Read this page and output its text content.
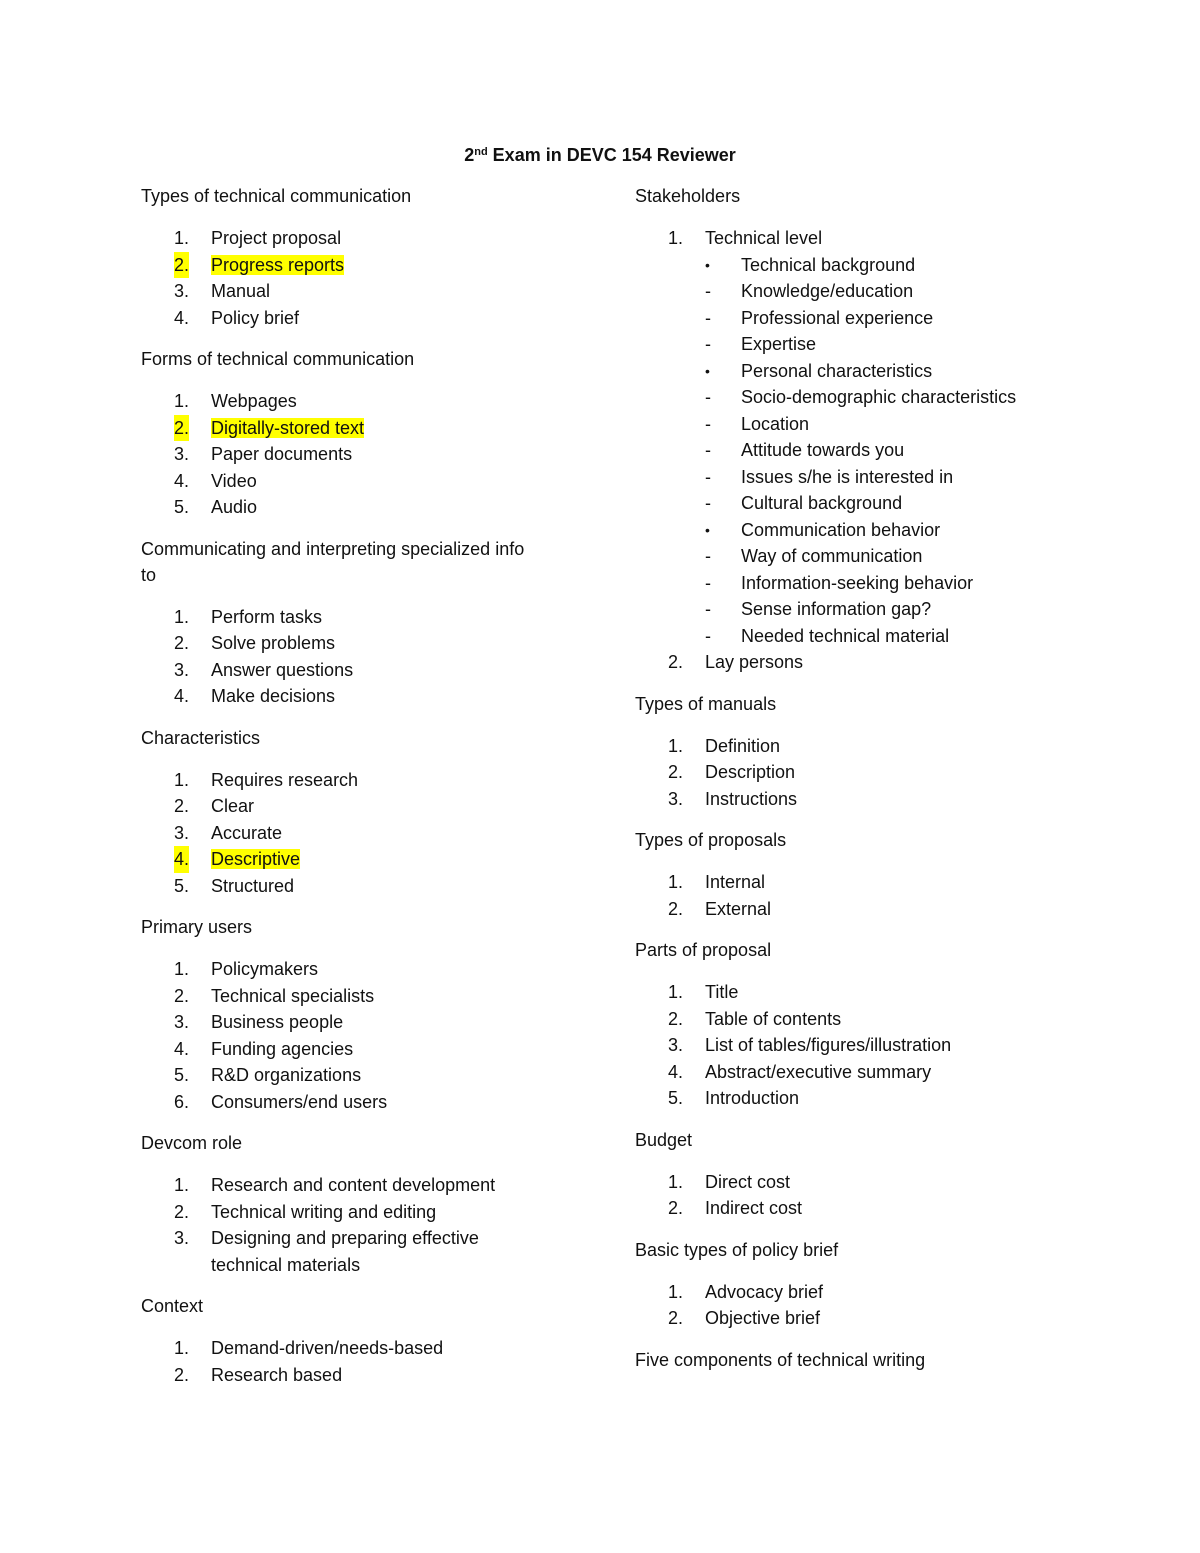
2nd Exam in DEVC 154 Reviewer
Types of technical communication
1. Project proposal
2. Progress reports
3. Manual
4. Policy brief
Forms of technical communication
1. Webpages
2. Digitally-stored text
3. Paper documents
4. Video
5. Audio
Communicating and interpreting specialized info to
1. Perform tasks
2. Solve problems
3. Answer questions
4. Make decisions
Characteristics
1. Requires research
2. Clear
3. Accurate
4. Descriptive
5. Structured
Primary users
1. Policymakers
2. Technical specialists
3. Business people
4. Funding agencies
5. R&D organizations
6. Consumers/end users
Devcom role
1. Research and content development
2. Technical writing and editing
3. Designing and preparing effective technical materials
Context
1. Demand-driven/needs-based
2. Research based
Stakeholders
1. Technical level
• Technical background
- Knowledge/education
- Professional experience
- Expertise
• Personal characteristics
- Socio-demographic characteristics
- Location
- Attitude towards you
- Issues s/he is interested in
- Cultural background
• Communication behavior
- Way of communication
- Information-seeking behavior
- Sense information gap?
- Needed technical material
2. Lay persons
Types of manuals
1. Definition
2. Description
3. Instructions
Types of proposals
1. Internal
2. External
Parts of proposal
1. Title
2. Table of contents
3. List of tables/figures/illustration
4. Abstract/executive summary
5. Introduction
Budget
1. Direct cost
2. Indirect cost
Basic types of policy brief
1. Advocacy brief
2. Objective brief
Five components of technical writing
